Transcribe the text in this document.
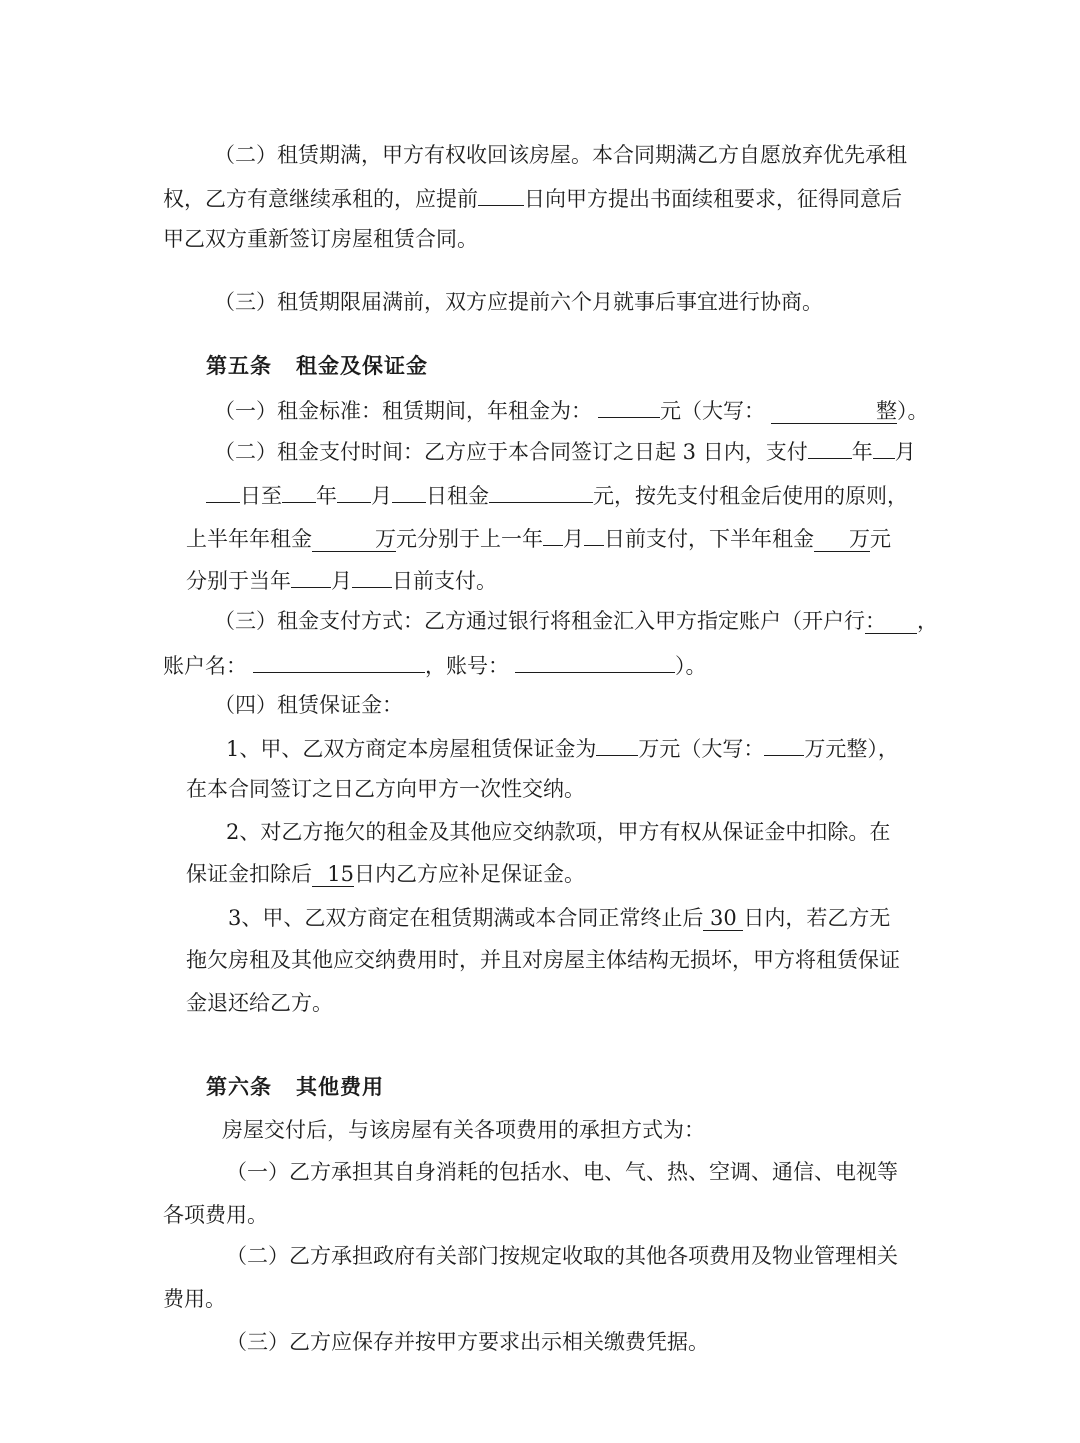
（二）租赁期满，甲方有权收回该房屋。本合同期满乙方自愿放弃优先承租
权，乙方有意继续承租的，应提前 日向甲方提出书面续租要求，征得同意后
甲乙双方重新签订房屋租赁合同。
（三）租赁期限届满前，双方应提前六个月就事后事宜进行协商。
第五条 租金及保证金
（一）租金标准：租赁期间，年租金为：	元（大写：	整）。
（二）租金支付时间：乙方应于本合同签订之日起 3 日内，支付 年 月
日至 年 月 日租金	元，按先支付租金后使用的原则，
上半年年租金	万元分别于上一年 月 日前支付，下半年租金 万元
分别于当年 月 日前支付。
（三）租金支付方式：乙方通过银行将租金汇入甲方指定账户（开户行： ，
账户名：	，账号：	）。
（四）租赁保证金：
1、甲、乙双方商定本房屋租赁保证金为 万元（大写： 万元整），
在本合同签订之日乙方向甲方一次性交纳。
2、对乙方拖欠的租金及其他应交纳款项，甲方有权从保证金中扣除。在
保证金扣除后 15日内乙方应补足保证金。
3、甲、乙双方商定在租赁期满或本合同正常终止后 30 日内，若乙方无
拖欠房租及其他应交纳费用时，并且对房屋主体结构无损坏，甲方将租赁保证
金退还给乙方。
第六条 其他费用
房屋交付后，与该房屋有关各项费用的承担方式为：
（一）乙方承担其自身消耗的包括水、电、气、热、空调、通信、电视等
各项费用。
（二）乙方承担政府有关部门按规定收取的其他各项费用及物业管理相关
费用。
（三）乙方应保存并按甲方要求出示相关缴费凭据。
